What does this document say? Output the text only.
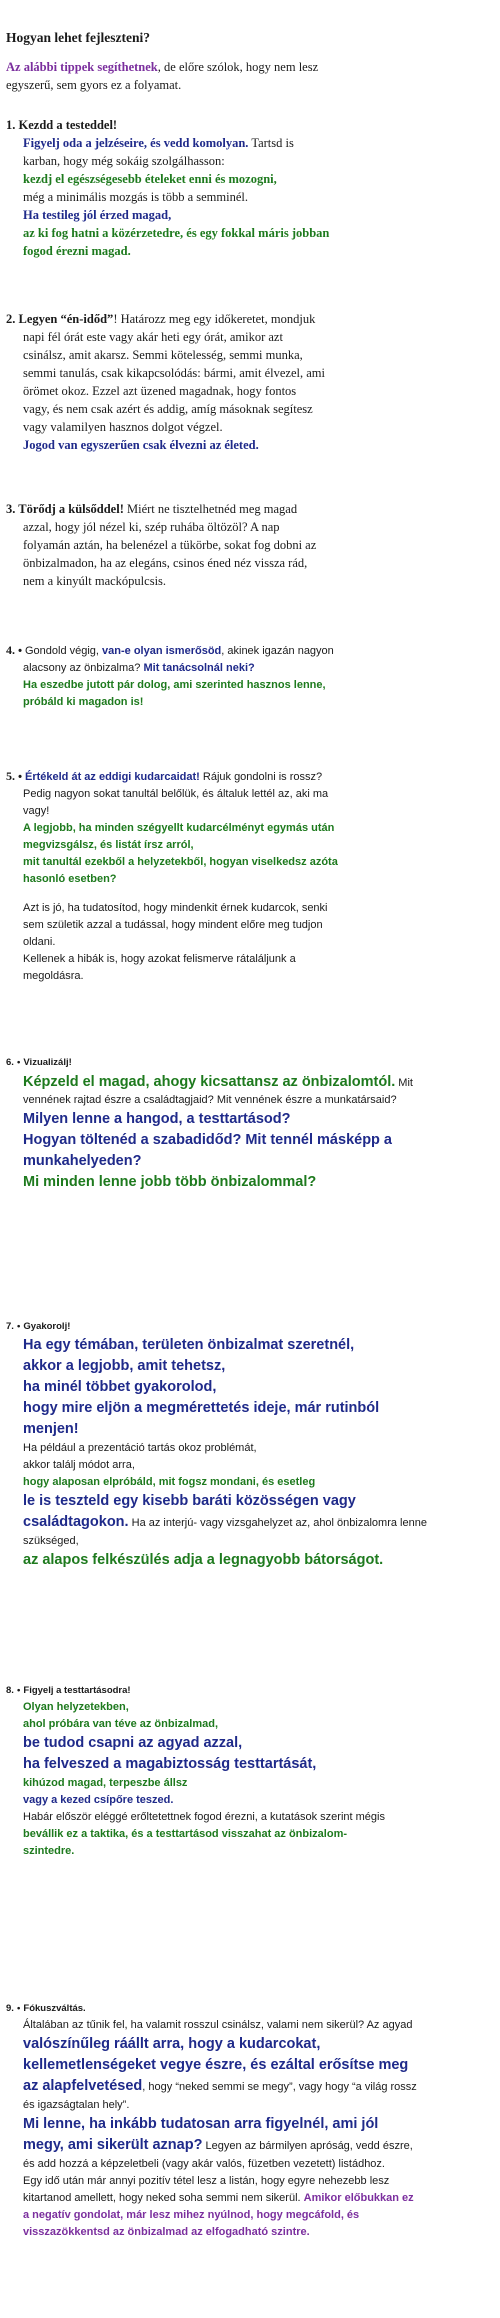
Hogyan lehet fejleszteni?
Az alábbi tippek segíthetnek, de előre szólok, hogy nem lesz
egyszerű, sem gyors ez a folyamat.
1. Kezdd a testeddel!
Figyelj oda a jelzéseire, és vedd komolyan. Tartsd is
karban, hogy még sokáig szolgálhasson:
kezdj el egészségesebb ételeket enni és mozogni,
még a minimális mozgás is több a semminél.
Ha testileg jól érzed magad,
az ki fog hatni a közérzetedre, és egy fokkal máris jobban
fogod érezni magad.
2. Legyen “én-időd”! Határozz meg egy időkeretet, mondjuk
napi fél órát este vagy akár heti egy órát, amikor azt
csinálsz, amit akarsz. Semmi kötelesség, semmi munka,
semmi tanulás, csak kikapcsolódás: bármi, amit élvezel, ami
örömet okoz. Ezzel azt üzened magadnak, hogy fontos
vagy, és nem csak azért és addig, amíg másoknak segítesz
vagy valamilyen hasznos dolgot végzel.
Jogod van egyszerűen csak élvezni az életed.
3. Törődj a külsőddel! Miért ne tisztelhetnéd meg magad
azzal, hogy jól nézel ki, szép ruhába öltözöl? A nap
folyamán aztán, ha belenézel a tükörbe, sokat fog dobni az
önbizalmadon, ha az elegáns, csinos éned néz vissza rád,
nem a kinyúlt mackópulcsis.
4. • Gondold végig, van-e olyan ismerősöd, akinek igazán nagyon
alacsony az önbizalma? Mit tanácsolnál neki?
Ha eszedbe jutott pár dolog, ami szerinted hasznos lenne,
próbáld ki magadon is!
5. • Értékeld át az eddigi kudarcaidat! Rájuk gondolni is rossz?
Pedig nagyon sokat tanultál belőlük, és általuk lettél az, aki ma
vagy!
A legjobb, ha minden szégyellt kudarcélményt egymás után
megvizsgálsz, és listát írsz arról,
mit tanultál ezekből a helyzetekből, hogyan viselkedsz azóta
hasonló esetben?
Azt is jó, ha tudatosítod, hogy mindenkit érnek kudarcok, senki
sem születik azzal a tudással, hogy mindent előre meg tudjon
oldani.
Kellenek a hibák is, hogy azokat felismerve rátaláljunk a
megoldásra.
6. • Vizualizálj!
Képzeld el magad, ahogy kicsattansz az önbizalomtól. Mit
vennének rajtad észre a családtagjaid? Mit vennének észre a munkatársaid?
Milyen lenne a hangod, a testtartásod?
Hogyan töltenéd a szabadidőd? Mit tennél másképp a
munkahelyeden?
Mi minden lenne jobb több önbizalommal?
7. • Gyakorolj!
Ha egy témában, területen önbizalmat szeretnél,
akkor a legjobb, amit tehetsz,
ha minél többet gyakorolod,
hogy mire eljön a megmérettetés ideje, már rutinból
menjen!
Ha például a prezentáció tartás okoz problémát,
akkor találj módot arra,
hogy alaposan elpróbáld, mit fogsz mondani, és esetleg
le is teszteld egy kisebb baráti közösségen vagy
családtagokon. Ha az interjú- vagy vizsgahelyzet az, ahol önbizalomra lenne
szükséged,
az alapos felkészülés adja a legnagyobb bátorságot.
8. • Figyelj a testtartásodra!
Olyan helyzetekben,
ahol próbára van téve az önbizalmad,
be tudod csapni az agyad azzal,
ha felveszed a magabiztosság testtartását,
kihúzod magad, terpeszbe állsz
vagy a kezed csípőre teszed.
Habár először eléggé erőltetettnek fogod érezni, a kutatások szerint mégis
bevállik ez a taktika, és a testtartásod visszahat az önbizalom-
szintedre.
9. • Fókuszváltás.
Általában az tűnik fel, ha valamit rosszul csinálsz, valami nem sikerül? Az agyad
valószínűleg ráállt arra, hogy a kudarcokat,
kellemetlenségeket vegye észre, és ezáltal erősítse meg
az alapfelvetésed, hogy “neked semmi se megy”, vagy hogy “a világ rossz
és igazságtalan hely”.
Mi lenne, ha inkább tudatosan arra figyelnél, ami jól
megy, ami sikerült aznap? Legyen az bármilyen apróság, vedd észre,
és add hozzá a képzeletbeli (vagy akár valós, füzetben vezetett) listádhoz.
Egy idő után már annyi pozitív tétel lesz a listán, hogy egyre nehezebb lesz
kitartanod amellett, hogy neked soha semmi nem sikerül. Amikor előbukkan ez
a negatív gondolat, már lesz mihez nyúlnod, hogy megcáfold, és
visszazökkentsd az önbizalmad az elfogadható szintre.
